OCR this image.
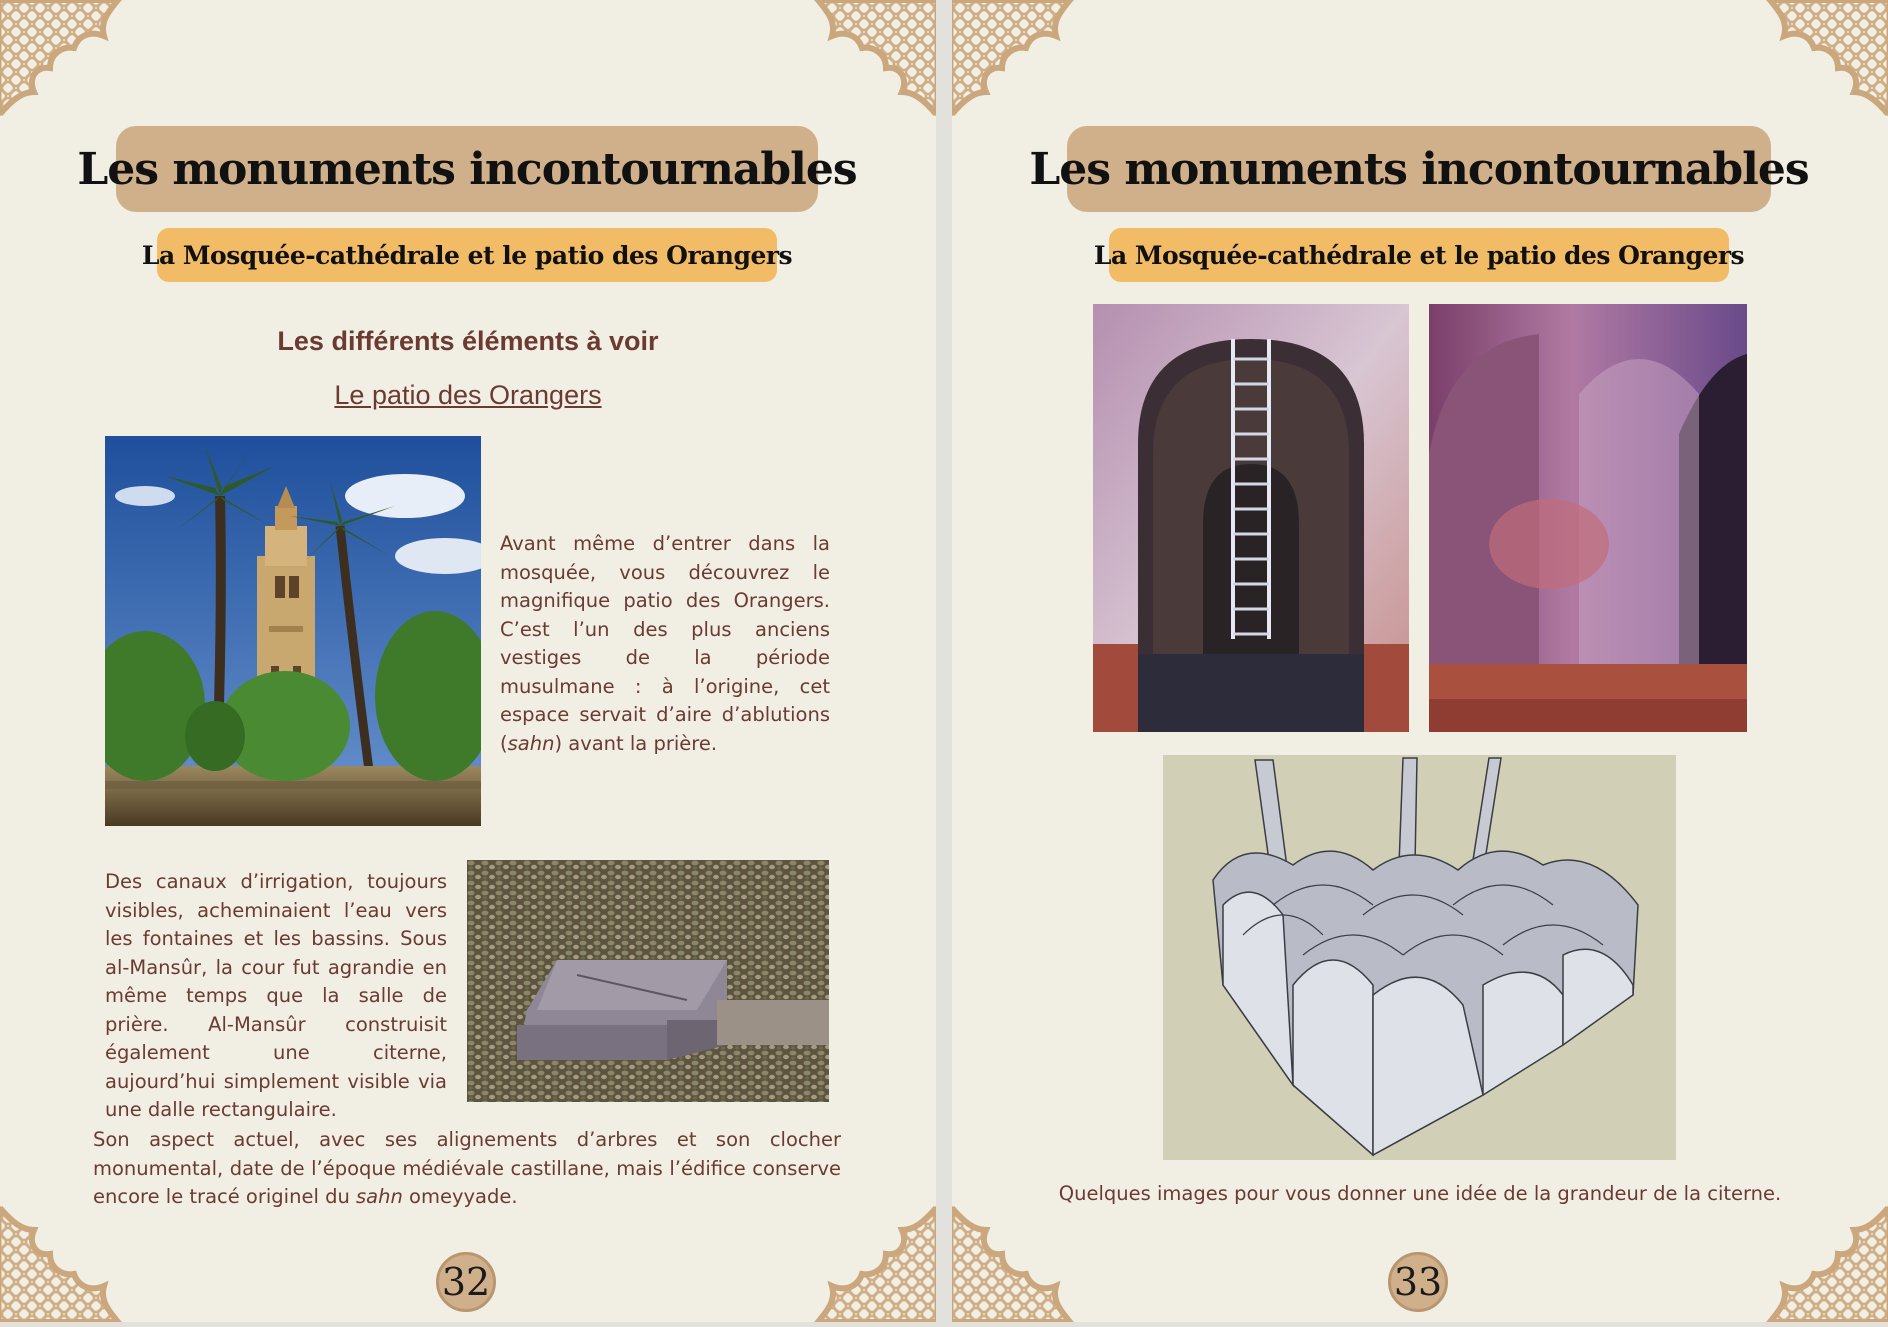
Les monuments incontournables
La Mosquée-cathédrale et le patio des Orangers
Les différents éléments à voir
Le patio des Orangers

Avant même d’entrer dans la mosquée, vous découvrez le magnifique patio des Orangers. C’est l’un des plus anciens vestiges de la période musulmane : à l’origine, cet espace servait d’aire d’ablutions (sahn) avant la prière.

Des canaux d’irrigation, toujours visibles, acheminaient l’eau vers les fontaines et les bassins. Sous al-Mansûr, la cour fut agrandie en même temps que la salle de prière. Al-Mansûr construisit également une citerne, aujourd’hui simplement visible via une dalle rectangulaire.

Son aspect actuel, avec ses alignements d’arbres et son clocher monumental, date de l’époque médiévale castillane, mais l’édifice conserve encore le tracé originel du sahn omeyyade.

32
Les monuments incontournables
La Mosquée-cathédrale et le patio des Orangers

Quelques images pour vous donner une idée de la grandeur de la citerne.

33
